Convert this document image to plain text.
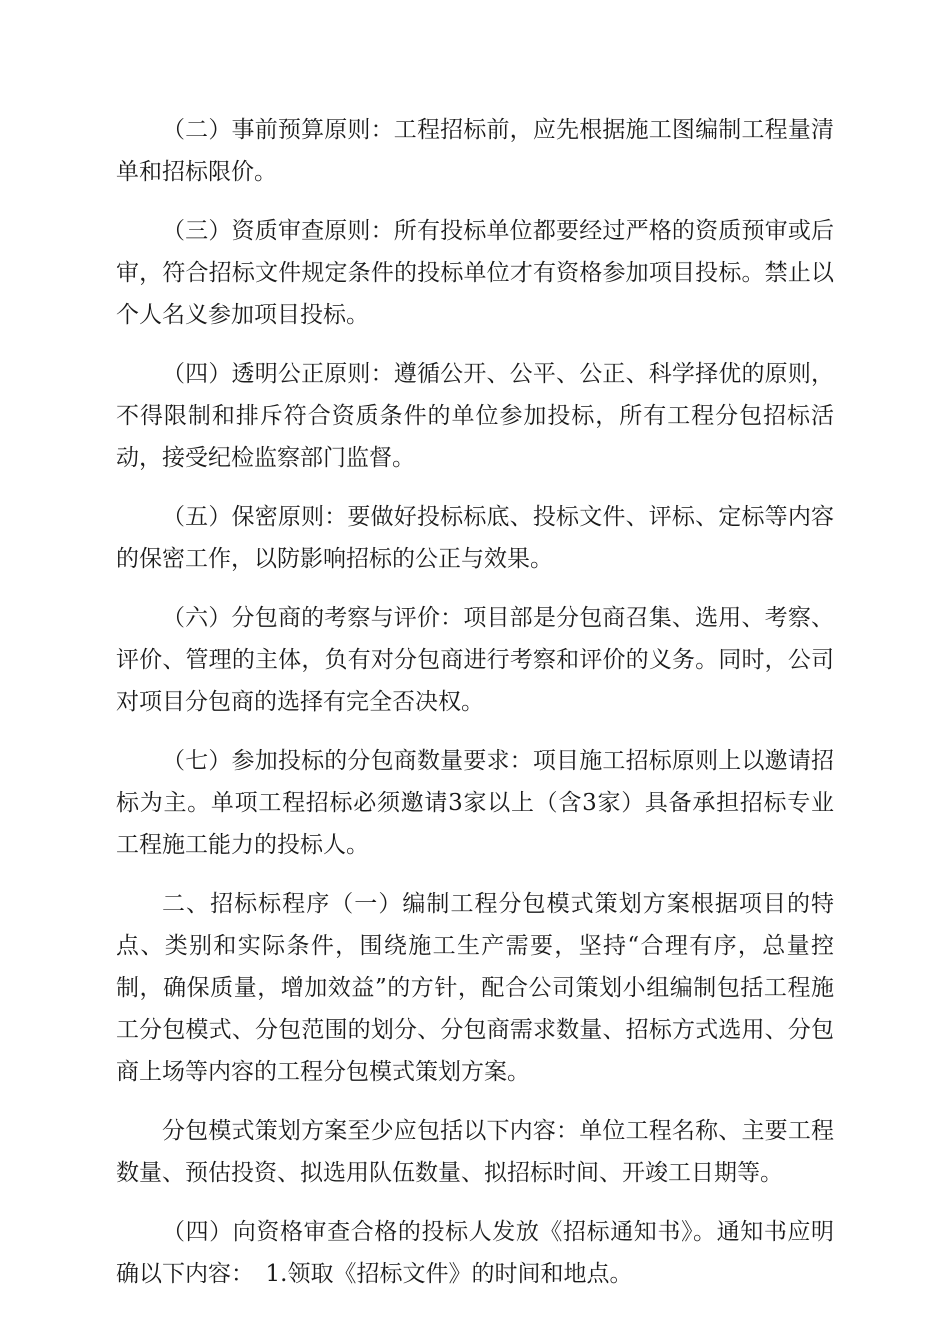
（二）事前预算原则：工程招标前，应先根据施工图编制工程量清单和招标限价。

（三）资质审查原则：所有投标单位都要经过严格的资质预审或后审，符合招标文件规定条件的投标单位才有资格参加项目投标。禁止以个人名义参加项目投标。

（四）透明公正原则：遵循公开、公平、公正、科学择优的原则，不得限制和排斥符合资质条件的单位参加投标，所有工程分包招标活动，接受纪检监察部门监督。

（五）保密原则：要做好投标标底、投标文件、评标、定标等内容的保密工作，以防影响招标的公正与效果。

（六）分包商的考察与评价：项目部是分包商召集、选用、考察、评价、管理的主体，负有对分包商进行考察和评价的义务。同时，公司对项目分包商的选择有完全否决权。

（七）参加投标的分包商数量要求：项目施工招标原则上以邀请招标为主。单项工程招标必须邀请3家以上（含3家）具备承担招标专业工程施工能力的投标人。

二、招标标程序（一）编制工程分包模式策划方案根据项目的特点、类别和实际条件，围绕施工生产需要，坚持“合理有序，总量控制，确保质量，增加效益”的方针，配合公司策划小组编制包括工程施工分包模式、分包范围的划分、分包商需求数量、招标方式选用、分包商上场等内容的工程分包模式策划方案。

分包模式策划方案至少应包括以下内容：单位工程名称、主要工程数量、预估投资、拟选用队伍数量、拟招标时间、开竣工日期等。

（四）向资格审查合格的投标人发放《招标通知书》。通知书应明确以下内容：　1.领取《招标文件》的时间和地点。
